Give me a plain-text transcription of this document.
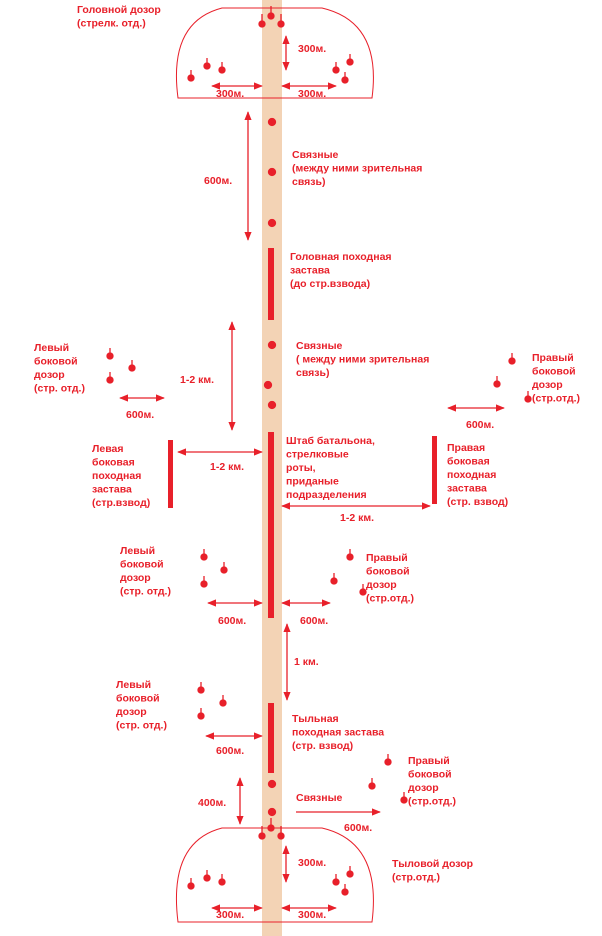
300м.
300м.	300м.
600м.
1-2 км.
600м.
600м.
1-2 км.
1-2 км.
600м.	600м.
1 км.
600м.
400м.
600м.
300м.
300м.	300м.
Головной дозор (стрелк. отд.)
Связные (между ними зрительная связь)
Головная походная застава (до стр.взвода)
Связные ( между ними зрительная связь)
Левый боковой дозор (стр. отд.)
Правый боковой дозор (стр.отд.)
Штаб батальона, стрелковые роты, приданые подразделения
Левая боковая походная застава (стр.взвод)
Правая боковая походная застава (стр. взвод)
Левый боковой дозор (стр. отд.)
Правый боковой дозор (стр.отд.)
Левый боковой дозор (стр. отд.)
Тыльная походная застава (стр. взвод)
Правый боковой дозор (стр.отд.)
Связные
Тыловой дозор (стр.отд.)
